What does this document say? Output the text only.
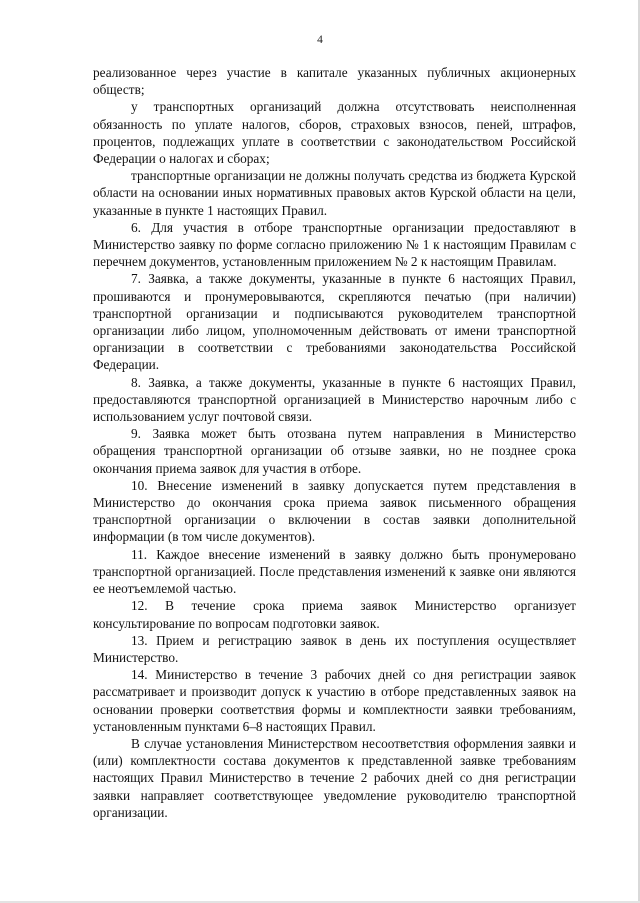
4

реализованное через участие в капитале указанных публичных акционерных обществ;

у транспортных организаций должна отсутствовать неисполненная обязанность по уплате налогов, сборов, страховых взносов, пеней, штрафов, процентов, подлежащих уплате в соответствии с законодательством Российской Федерации о налогах и сборах;

транспортные организации не должны получать средства из бюджета Курской области на основании иных нормативных правовых актов Курской области на цели, указанные в пункте 1 настоящих Правил.

6. Для участия в отборе транспортные организации предоставляют в Министерство заявку по форме согласно приложению № 1 к настоящим Правилам с перечнем документов, установленным приложением № 2 к настоящим Правилам.

7. Заявка, а также документы, указанные в пункте 6 настоящих Правил, прошиваются и пронумеровываются, скрепляются печатью (при наличии) транспортной организации и подписываются руководителем транспортной организации либо лицом, уполномоченным действовать от имени транспортной организации в соответствии с требованиями законодательства Российской Федерации.

8. Заявка, а также документы, указанные в пункте 6 настоящих Правил, предоставляются транспортной организацией в Министерство нарочным либо с использованием услуг почтовой связи.

9. Заявка может быть отозвана путем направления в Министерство обращения транспортной организации об отзыве заявки, но не позднее срока окончания приема заявок для участия в отборе.

10. Внесение изменений в заявку допускается путем представления в Министерство до окончания срока приема заявок письменного обращения транспортной организации о включении в состав заявки дополнительной информации (в том числе документов).

11. Каждое внесение изменений в заявку должно быть пронумеровано транспортной организацией. После представления изменений к заявке они являются ее неотъемлемой частью.

12. В течение срока приема заявок Министерство организует консультирование по вопросам подготовки заявок.

13. Прием и регистрацию заявок в день их поступления осуществляет Министерство.

14. Министерство в течение 3 рабочих дней со дня регистрации заявок рассматривает и производит допуск к участию в отборе представленных заявок на основании проверки соответствия формы и комплектности заявки требованиям, установленным пунктами 6–8 настоящих Правил.

В случае установления Министерством несоответствия оформления заявки и (или) комплектности состава документов к представленной заявке требованиям настоящих Правил Министерство в течение 2 рабочих дней со дня регистрации заявки направляет соответствующее уведомление руководителю транспортной организации.
